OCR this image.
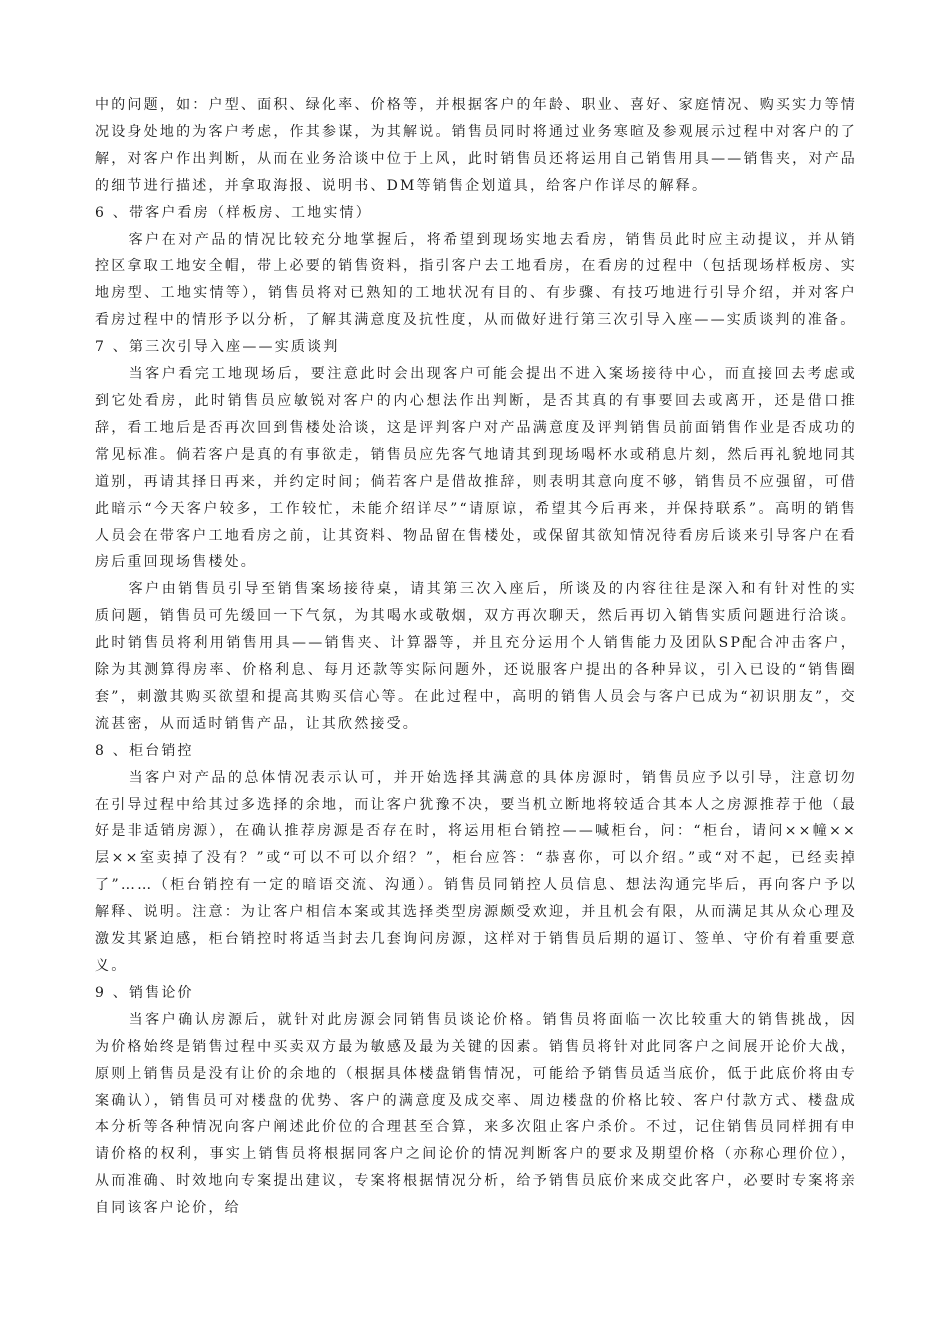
中的问题，如：户型、面积、绿化率、价格等，并根据客户的年龄、职业、喜好、家庭情况、购买实力等情况设身处地的为客户考虑，作其参谋，为其解说。销售员同时将通过业务寒暄及参观展示过程中对客户的了解，对客户作出判断，从而在业务洽谈中位于上风，此时销售员还将运用自己销售用具——销售夹，对产品的细节进行描述，并拿取海报、说明书、DM等销售企划道具，给客户作详尽的解释。

6 、带客户看房（样板房、工地实情）

客户在对产品的情况比较充分地掌握后，将希望到现场实地去看房，销售员此时应主动提议，并从销控区拿取工地安全帽，带上必要的销售资料，指引客户去工地看房，在看房的过程中（包括现场样板房、实地房型、工地实情等），销售员将对已熟知的工地状况有目的、有步骤、有技巧地进行引导介绍，并对客户看房过程中的情形予以分析，了解其满意度及抗性度，从而做好进行第三次引导入座——实质谈判的准备。

7 、第三次引导入座——实质谈判

当客户看完工地现场后，要注意此时会出现客户可能会提出不进入案场接待中心，而直接回去考虑或到它处看房，此时销售员应敏锐对客户的内心想法作出判断，是否其真的有事要回去或离开，还是借口推辞，看工地后是否再次回到售楼处洽谈，这是评判客户对产品满意度及评判销售员前面销售作业是否成功的常见标准。倘若客户是真的有事欲走，销售员应先客气地请其到现场喝杯水或稍息片刻，然后再礼貌地同其道别，再请其择日再来，并约定时间；倘若客户是借故推辞，则表明其意向度不够，销售员不应强留，可借此暗示“今天客户较多，工作较忙，未能介绍详尽”“请原谅，希望其今后再来，并保持联系”。高明的销售人员会在带客户工地看房之前，让其资料、物品留在售楼处，或保留其欲知情况待看房后谈来引导客户在看房后重回现场售楼处。

客户由销售员引导至销售案场接待桌，请其第三次入座后，所谈及的内容往往是深入和有针对性的实质问题，销售员可先缓回一下气氛，为其喝水或敬烟，双方再次聊天，然后再切入销售实质问题进行洽谈。此时销售员将利用销售用具——销售夹、计算器等，并且充分运用个人销售能力及团队SP配合冲击客户，除为其测算得房率、价格利息、每月还款等实际问题外，还说服客户提出的各种异议，引入已设的“销售圈套”，刺激其购买欲望和提高其购买信心等。在此过程中，高明的销售人员会与客户已成为“初识朋友”，交流甚密，从而适时销售产品，让其欣然接受。

8 、柜台销控

当客户对产品的总体情况表示认可，并开始选择其满意的具体房源时，销售员应予以引导，注意切勿在引导过程中给其过多选择的余地，而让客户犹豫不决，要当机立断地将较适合其本人之房源推荐于他（最好是非适销房源），在确认推荐房源是否存在时，将运用柜台销控——喊柜台，问：“柜台，请问××幢××层××室卖掉了没有？”或“可以不可以介绍？”，柜台应答：“恭喜你，可以介绍。”或“对不起，已经卖掉了”……（柜台销控有一定的暗语交流、沟通）。销售员同销控人员信息、想法沟通完毕后，再向客户予以解释、说明。注意：为让客户相信本案或其选择类型房源颇受欢迎，并且机会有限，从而满足其从众心理及激发其紧迫感，柜台销控时将适当封去几套询问房源，这样对于销售员后期的逼订、签单、守价有着重要意义。

9 、销售论价

当客户确认房源后，就针对此房源会同销售员谈论价格。销售员将面临一次比较重大的销售挑战，因为价格始终是销售过程中买卖双方最为敏感及最为关键的因素。销售员将针对此同客户之间展开论价大战，原则上销售员是没有让价的余地的（根据具体楼盘销售情况，可能给予销售员适当底价，低于此底价将由专案确认），销售员可对楼盘的优势、客户的满意度及成交率、周边楼盘的价格比较、客户付款方式、楼盘成本分析等各种情况向客户阐述此价位的合理甚至合算，来多次阻止客户杀价。不过，记住销售员同样拥有申请价格的权利，事实上销售员将根据同客户之间论价的情况判断客户的要求及期望价格（亦称心理价位），从而准确、时效地向专案提出建议，专案将根据情况分析，给予销售员底价来成交此客户，必要时专案将亲自同该客户论价，给
